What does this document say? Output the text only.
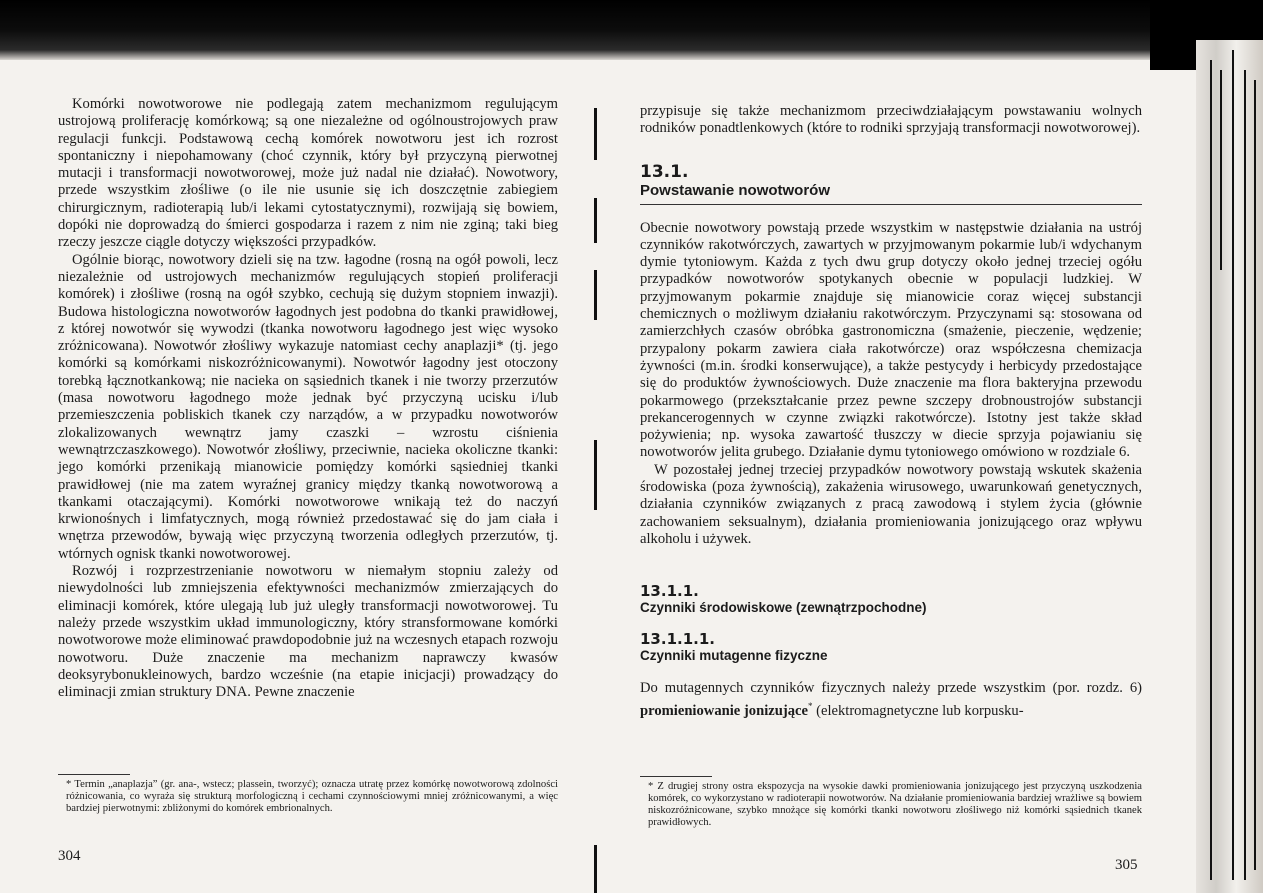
Komórki nowotworowe nie podlegają zatem mechanizmom regulującym ustrojową proliferację komórkową; są one niezależne od ogólnoustrojowych praw regulacji funkcji. Podstawową cechą komórek nowotworu jest ich rozrost spontaniczny i niepohamowany (choć czynnik, który był przyczyną pierwotnej mutacji i transformacji nowotworowej, może już nadal nie działać). Nowotwory, przede wszystkim złośliwe (o ile nie usunie się ich doszczętnie zabiegiem chirurgicznym, radioterapią lub/i lekami cytostatycznymi), rozwijają się bowiem, dopóki nie doprowadzą do śmierci gospodarza i razem z nim nie zginą; taki bieg rzeczy jeszcze ciągle dotyczy większości przypadków.

Ogólnie biorąc, nowotwory dzieli się na tzw. łagodne (rosną na ogół powoli, lecz niezależnie od ustrojowych mechanizmów regulujących stopień proliferacji komórek) i złośliwe (rosną na ogół szybko, cechują się dużym stopniem inwazji). Budowa histologiczna nowotworów łagodnych jest podobna do tkanki prawidłowej, z której nowotwór się wywodzi (tkanka nowotworu łagodnego jest więc wysoko zróżnicowana). Nowotwór złośliwy wykazuje natomiast cechy anaplazji* (tj. jego komórki są komórkami niskozróżnicowanymi). Nowotwór łagodny jest otoczony torebką łącznotkankową; nie nacieka on sąsiednich tkanek i nie tworzy przerzutów (masa nowotworu łagodnego może jednak być przyczyną ucisku i/lub przemieszczenia pobliskich tkanek czy narządów, a w przypadku nowotworów zlokalizowanych wewnątrz jamy czaszki – wzrostu ciśnienia wewnątrzczaszkowego). Nowotwór złośliwy, przeciwnie, nacieka okoliczne tkanki: jego komórki przenikają mianowicie pomiędzy komórki sąsiedniej tkanki prawidłowej (nie ma zatem wyraźnej granicy między tkanką nowotworową a tkankami otaczającymi). Komórki nowotworowe wnikają też do naczyń krwionośnych i limfatycznych, mogą również przedostawać się do jam ciała i wnętrza przewodów, bywają więc przyczyną tworzenia odległych przerzutów, tj. wtórnych ognisk tkanki nowotworowej.

Rozwój i rozprzestrzenianie nowotworu w niemałym stopniu zależy od niewydolności lub zmniejszenia efektywności mechanizmów zmierzających do eliminacji komórek, które ulegają lub już uległy transformacji nowotworowej. Tu należy przede wszystkim układ immunologiczny, który stransformowane komórki nowotworowe może eliminować prawdopodobnie już na wczesnych etapach rozwoju nowotworu. Duże znaczenie ma mechanizm naprawczy kwasów deoksyrybonukleinowych, bardzo wcześnie (na etapie inicjacji) prowadzący do eliminacji zmian struktury DNA. Pewne znaczenie

* Termin „anaplazja” (gr. ana-, wstecz; plassein, tworzyć); oznacza utratę przez komórkę nowotworową zdolności różnicowania, co wyraża się strukturą morfologiczną i cechami czynnościowymi mniej zróżnicowanymi, a więc bardziej pierwotnymi: zbliżonymi do komórek embrionalnych.

304

przypisuje się także mechanizmom przeciwdziałającym powstawaniu wolnych rodników ponadtlenkowych (które to rodniki sprzyjają transformacji nowotworowej).

13.1.

Powstawanie nowotworów

Obecnie nowotwory powstają przede wszystkim w następstwie działania na ustrój czynników rakotwórczych, zawartych w przyjmowanym pokarmie lub/i wdychanym dymie tytoniowym. Każda z tych dwu grup dotyczy około jednej trzeciej ogółu przypadków nowotworów spotykanych obecnie w populacji ludzkiej. W przyjmowanym pokarmie znajduje się mianowicie coraz więcej substancji chemicznych o możliwym działaniu rakotwórczym. Przyczynami są: stosowana od zamierzchłych czasów obróbka gastronomiczna (smażenie, pieczenie, wędzenie; przypalony pokarm zawiera ciała rakotwórcze) oraz współczesna chemizacja żywności (m.in. środki konserwujące), a także pestycydy i herbicydy przedostające się do produktów żywnościowych. Duże znaczenie ma flora bakteryjna przewodu pokarmowego (przekształcanie przez pewne szczepy drobnoustrojów substancji prekancerogennych w czynne związki rakotwórcze). Istotny jest także skład pożywienia; np. wysoka zawartość tłuszczy w diecie sprzyja pojawianiu się nowotworów jelita grubego. Działanie dymu tytoniowego omówiono w rozdziale 6.

W pozostałej jednej trzeciej przypadków nowotwory powstają wskutek skażenia środowiska (poza żywnością), zakażenia wirusowego, uwarunkowań genetycznych, działania czynników związanych z pracą zawodową i stylem życia (głównie zachowaniem seksualnym), działania promieniowania jonizującego oraz wpływu alkoholu i używek.

13.1.1.

Czynniki środowiskowe (zewnątrzpochodne)

13.1.1.1.

Czynniki mutagenne fizyczne

Do mutagennych czynników fizycznych należy przede wszystkim (por. rozdz. 6) promieniowanie jonizujące* (elektromagnetyczne lub korpusku-

* Z drugiej strony ostra ekspozycja na wysokie dawki promieniowania jonizującego jest przyczyną uszkodzenia komórek, co wykorzystano w radioterapii nowotworów. Na działanie promieniowania bardziej wrażliwe są bowiem niskozróżnicowane, szybko mnożące się komórki tkanki nowotworu złośliwego niż komórki sąsiednich tkanek prawidłowych.

305
